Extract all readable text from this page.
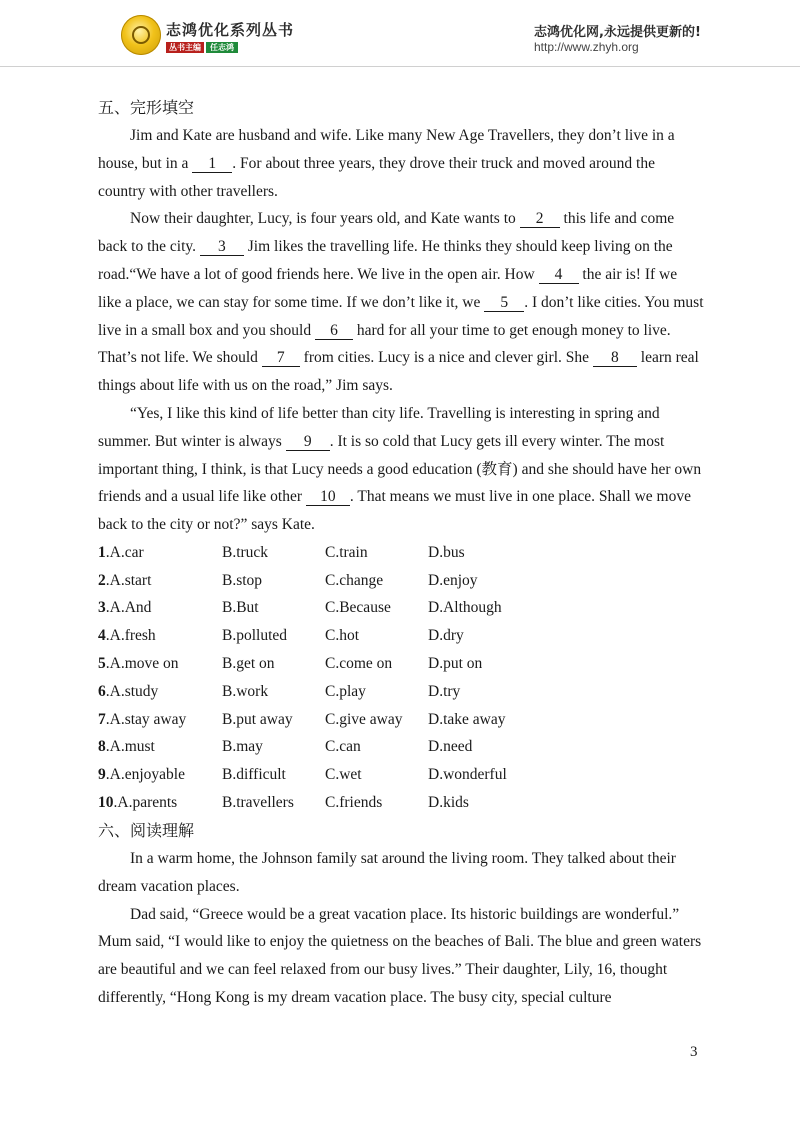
志鸿优化系列丛书
丛书主编 任志鸿
志鸿优化网,永远提供更新的!
http://www.zhyh.org
五、完形填空

Jim and Kate are husband and wife. Like many New Age Travellers, they don’t live in a house, but in a 1 . For about three years, they drove their truck and moved around the country with other travellers.

Now their daughter, Lucy, is four years old, and Kate wants to 2 this life and come back to the city. 3 Jim likes the travelling life. He thinks they should keep living on the road.“We have a lot of good friends here. We live in the open air. How 4 the air is! If we like a place, we can stay for some time. If we don’t like it, we 5 . I don’t like cities. You must live in a small box and you should 6 hard for all your time to get enough money to live. That’s not life. We should 7 from cities. Lucy is a nice and clever girl. She 8 learn real things about life with us on the road,” Jim says.

“Yes, I like this kind of life better than city life. Travelling is interesting in spring and summer. But winter is always 9 . It is so cold that Lucy gets ill every winter. The most important thing, I think, is that Lucy needs a good education (教育) and she should have her own friends and a usual life like other 10 . That means we must live in one place. Shall we move back to the city or not?” says Kate.

1.A.car	B.truck	C.train	D.bus
2.A.start	B.stop	C.change	D.enjoy
3.A.And	B.But	C.Because	D.Although
4.A.fresh	B.polluted	C.hot	D.dry
5.A.move on	B.get on	C.come on	D.put on
6.A.study	B.work	C.play	D.try
7.A.stay away	B.put away	C.give away	D.take away
8.A.must	B.may	C.can	D.need
9.A.enjoyable	B.difficult	C.wet	D.wonderful
10.A.parents	B.travellers	C.friends	D.kids
六、阅读理解

In a warm home, the Johnson family sat around the living room. They talked about their dream vacation places.

Dad said, “Greece would be a great vacation place. Its historic buildings are wonderful.” Mum said, “I would like to enjoy the quietness on the beaches of Bali. The blue and green waters are beautiful and we can feel relaxed from our busy lives.” Their daughter, Lily, 16, thought differently, “Hong Kong is my dream vacation place. The busy city, special culture

3
